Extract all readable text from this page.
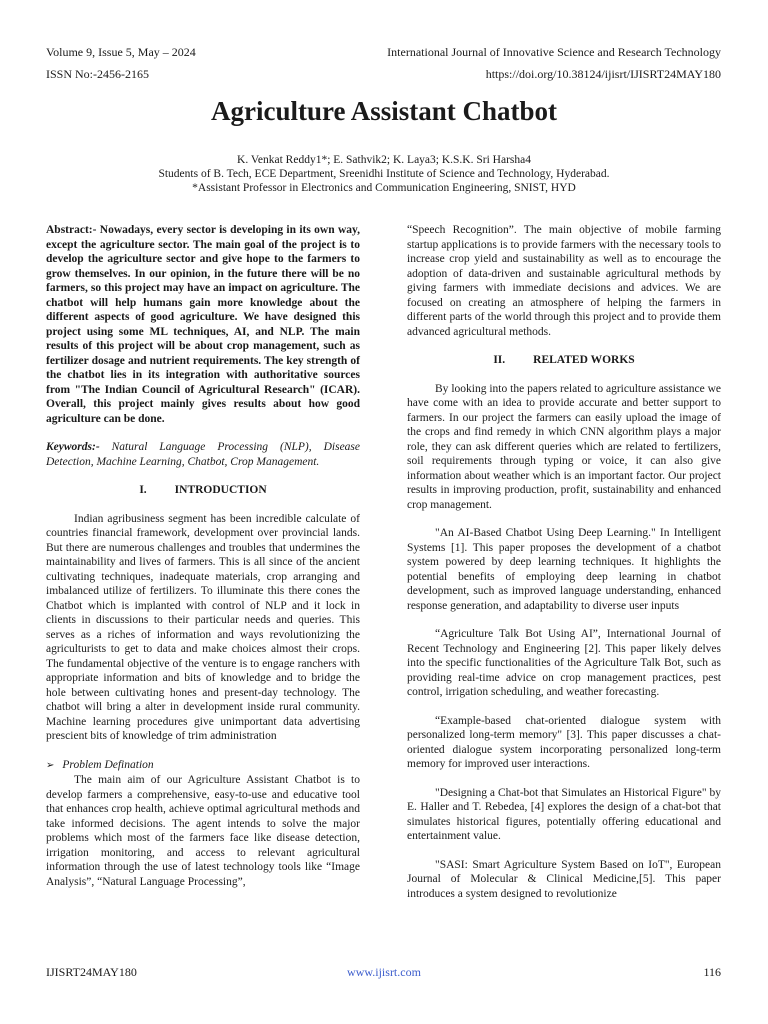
Volume 9, Issue 5, May – 2024	International Journal of Innovative Science and Research Technology
ISSN No:-2456-2165	https://doi.org/10.38124/ijisrt/IJISRT24MAY180
Agriculture Assistant Chatbot
K. Venkat Reddy1*; E. Sathvik2; K. Laya3; K.S.K. Sri Harsha4
Students of B. Tech, ECE Department, Sreenidhi Institute of Science and Technology, Hyderabad.
*Assistant Professor in Electronics and Communication Engineering, SNIST, HYD

Abstract:- Nowadays, every sector is developing in its own way, except the agriculture sector. The main goal of the project is to develop the agriculture sector and give hope to the farmers to grow themselves. In our opinion, in the future there will be no farmers, so this project may have an impact on agriculture. The chatbot will help humans gain more knowledge about the different aspects of good agriculture. We have designed this project using some ML techniques, AI, and NLP. The main results of this project will be about crop management, such as fertilizer dosage and nutrient requirements. The key strength of the chatbot lies in its integration with authoritative sources from "The Indian Council of Agricultural Research" (ICAR). Overall, this project mainly gives results about how good agriculture can be done.

Keywords:- Natural Language Processing (NLP), Disease Detection, Machine Learning, Chatbot, Crop Management.

I. INTRODUCTION

Indian agribusiness segment has been incredible calculate of countries financial framework, development over provincial lands. But there are numerous challenges and troubles that undermines the maintainability and lives of farmers. This is all since of the ancient cultivating techniques, inadequate materials, crop arranging and imbalanced utilize of fertilizers. To illuminate this there cones the Chatbot which is implanted with control of NLP and it lock in clients in discussions to their particular needs and queries. This serves as a riches of information and ways revolutionizing the agriculturists to get to data and make choices almost their crops. The fundamental objective of the venture is to engage ranchers with appropriate information and bits of knowledge and to bridge the hole between cultivating hones and present-day technology. The chatbot will bring a alter in development inside rural community. Machine learning procedures give unimportant data advertising prescient bits of knowledge of trim administration

➢ Problem Defination

The main aim of our Agriculture Assistant Chatbot is to develop farmers a comprehensive, easy-to-use and educative tool that enhances crop health, achieve optimal agricultural methods and take informed decisions. The agent intends to solve the major problems which most of the farmers face like disease detection, irrigation monitoring, and access to relevant agricultural information through the use of latest technology tools like “Image Analysis”, “Natural Language Processing”,

“Speech Recognition”. The main objective of mobile farming startup applications is to provide farmers with the necessary tools to increase crop yield and sustainability as well as to encourage the adoption of data-driven and sustainable agricultural methods by giving farmers with immediate decisions and advices. We are focused on creating an atmosphere of helping the farmers in different parts of the world through this project and to provide them advanced agricultural methods.

II. RELATED WORKS

By looking into the papers related to agriculture assistance we have come with an idea to provide accurate and better support to farmers. In our project the farmers can easily upload the image of the crops and find remedy in which CNN algorithm plays a major role, they can ask different queries which are related to fertilizers, soil requirements through typing or voice, it can also give information about weather which is an important factor. Our project results in improving production, profit, sustainability and enhanced crop management.

"An AI-Based Chatbot Using Deep Learning." In Intelligent Systems [1]. This paper proposes the development of a chatbot system powered by deep learning techniques. It highlights the potential benefits of employing deep learning in chatbot development, such as improved language understanding, enhanced response generation, and adaptability to diverse user inputs

“Agriculture Talk Bot Using AI”, International Journal of Recent Technology and Engineering [2]. This paper likely delves into the specific functionalities of the Agriculture Talk Bot, such as providing real-time advice on crop management practices, pest control, irrigation scheduling, and weather forecasting.

“Example-based chat-oriented dialogue system with personalized long-term memory" [3]. This paper discusses a chat-oriented dialogue system incorporating personalized long-term memory for improved user interactions.

"Designing a Chat-bot that Simulates an Historical Figure" by E. Haller and T. Rebedea, [4] explores the design of a chat-bot that simulates historical figures, potentially offering educational and entertainment value.

"SASI: Smart Agriculture System Based on IoT", European Journal of Molecular & Clinical Medicine,[5]. This paper introduces a system designed to revolutionize

IJISRT24MAY180	www.ijisrt.com	116
